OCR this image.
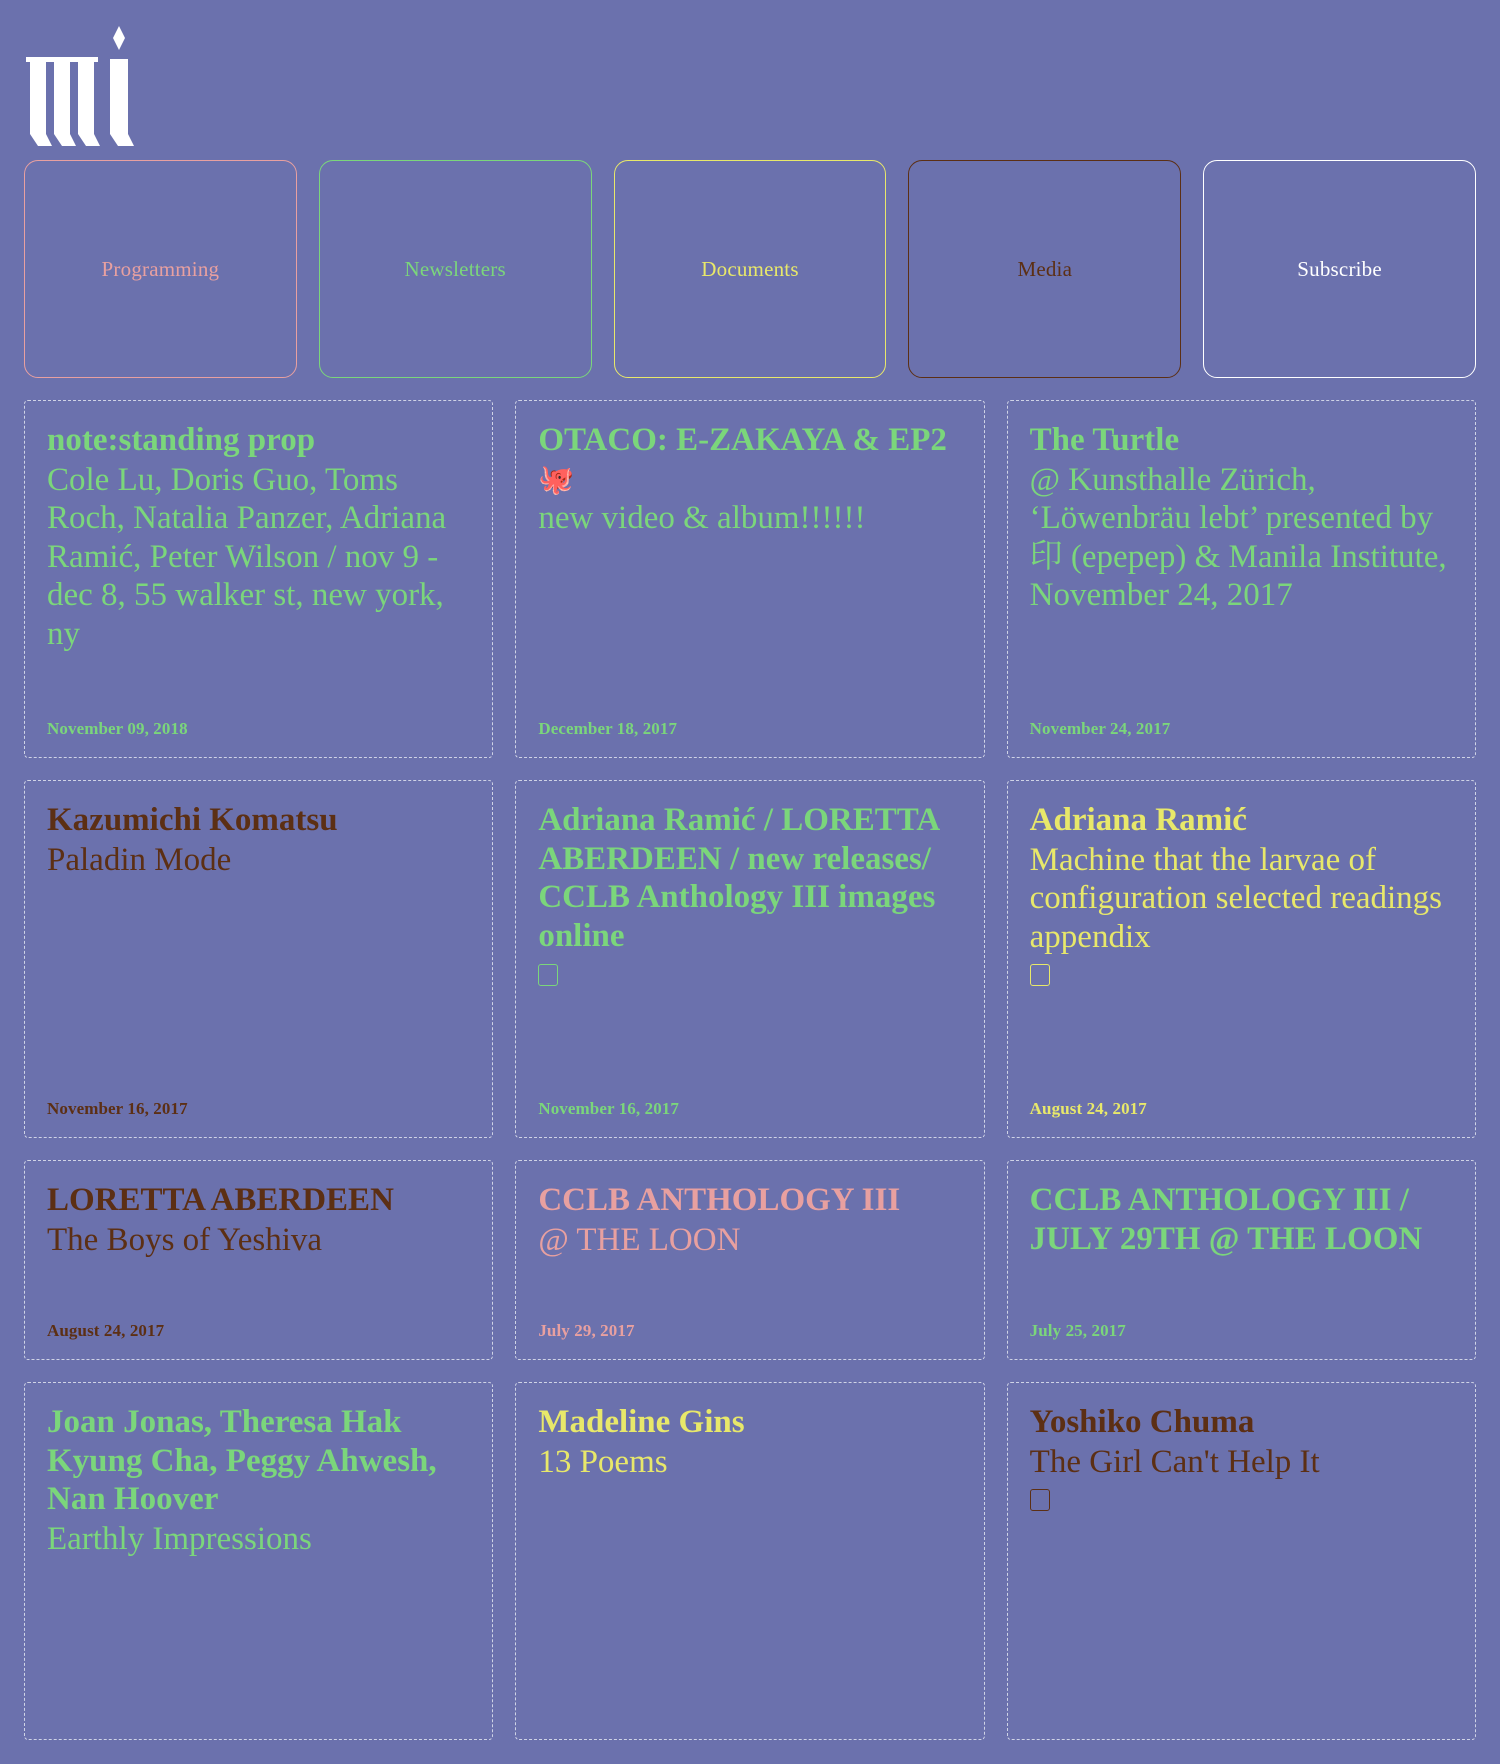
Programming	Newsletters	Documents	Media	Subscribe
note:standing prop
Cole Lu, Doris Guo, Toms Roch, Natalia Panzer, Adriana Ramić, Peter Wilson / nov 9 - dec 8, 55 walker st, new york, ny
November 09, 2018
OTACO: E-ZAKAYA & EP2 🐙
new video & album!!!!!!
December 18, 2017
The Turtle
@ Kunsthalle Zürich, ‘Löwenbräu lebt’ presented by 印 (epepep) & Manila Institute, November 24, 2017
November 24, 2017
Kazumichi Komatsu
Paladin Mode
November 16, 2017
Adriana Ramić / LORETTA ABERDEEN / new releases/ CCLB Anthology III images online
November 16, 2017
Adriana Ramić
Machine that the larvae of configuration selected readings appendix
August 24, 2017
LORETTA ABERDEEN
The Boys of Yeshiva
August 24, 2017
CCLB ANTHOLOGY III
@ THE LOON
July 29, 2017
CCLB ANTHOLOGY III / JULY 29TH @ THE LOON
July 25, 2017
Joan Jonas, Theresa Hak Kyung Cha, Peggy Ahwesh, Nan Hoover
Earthly Impressions
Madeline Gins
13 Poems
Yoshiko Chuma
The Girl Can't Help It
